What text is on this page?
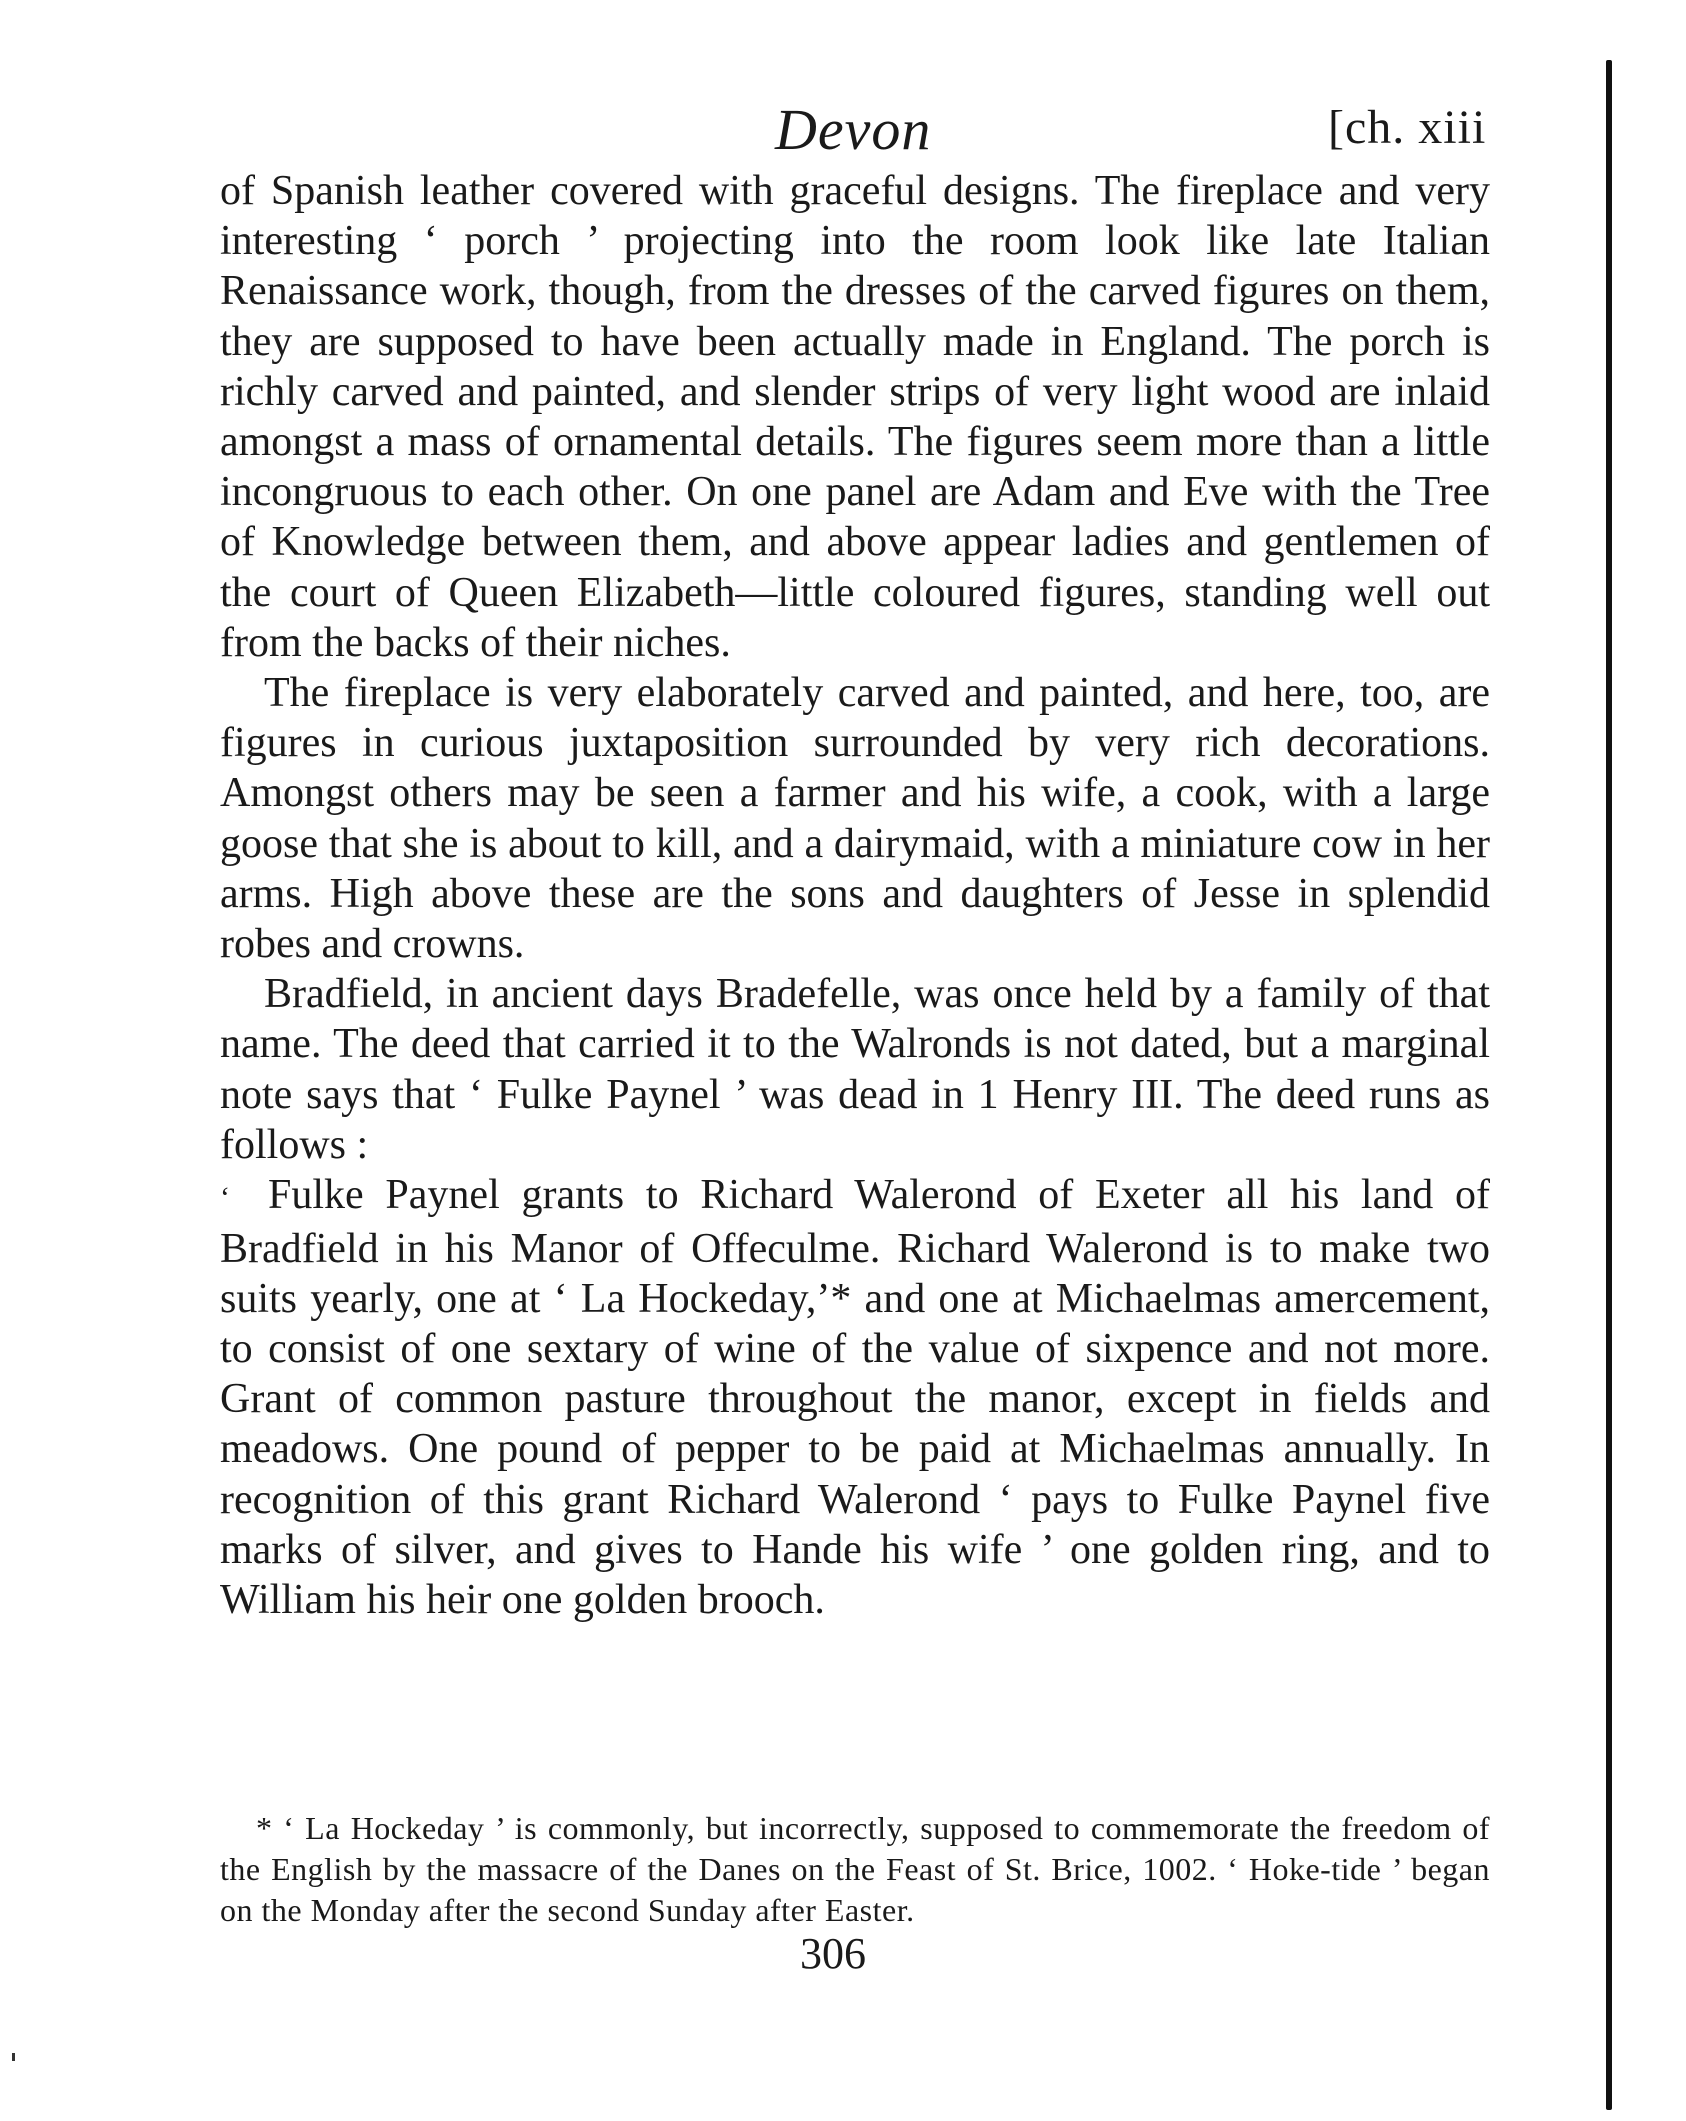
Devon	[ch. xiii

of Spanish leather covered with graceful designs. The fireplace and very interesting ‘ porch ’ projecting into the room look like late Italian Renaissance work, though, from the dresses of the carved figures on them, they are supposed to have been actually made in England. The porch is richly carved and painted, and slender strips of very light wood are inlaid amongst a mass of ornamental details. The figures seem more than a little incongruous to each other. On one panel are Adam and Eve with the Tree of Knowledge between them, and above appear ladies and gentlemen of the court of Queen Elizabeth—little coloured figures, standing well out from the backs of their niches.

The fireplace is very elaborately carved and painted, and here, too, are figures in curious juxtaposition surrounded by very rich decorations. Amongst others may be seen a farmer and his wife, a cook, with a large goose that she is about to kill, and a dairymaid, with a miniature cow in her arms. High above these are the sons and daughters of Jesse in splendid robes and crowns.

Bradfield, in ancient days Bradefelle, was once held by a family of that name. The deed that carried it to the Walronds is not dated, but a marginal note says that ‘ Fulke Paynel ’ was dead in 1 Henry III. The deed runs as follows :

‘ Fulke Paynel grants to Richard Walerond of Exeter all his land of Bradfield in his Manor of Offeculme. Richard Walerond is to make two suits yearly, one at ‘ La Hockeday,’* and one at Michaelmas amercement, to consist of one sextary of wine of the value of sixpence and not more. Grant of common pasture throughout the manor, except in fields and meadows. One pound of pepper to be paid at Michaelmas annually. In recognition of this grant Richard Walerond ‘ pays to Fulke Paynel five marks of silver, and gives to Hande his wife ’ one golden ring, and to William his heir one golden brooch.

* ‘ La Hockeday ’ is commonly, but incorrectly, supposed to commemorate the freedom of the English by the massacre of the Danes on the Feast of St. Brice, 1002. ‘ Hoke-tide ’ began on the Monday after the second Sunday after Easter.

306
